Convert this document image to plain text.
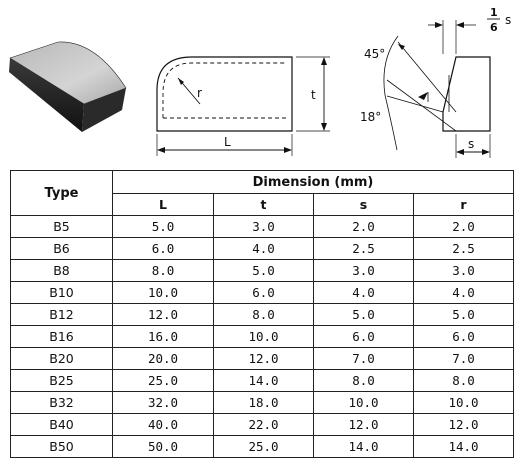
r	t
L
45°
18°
s
1
6
s
Type	Dimension (mm)			
	L	t	s	r
B5	5.0	3.0	2.0	2.0
B6	6.0	4.0	2.5	2.5
B8	8.0	5.0	3.0	3.0
B10	10.0	6.0	4.0	4.0
B12	12.0	8.0	5.0	5.0
B16	16.0	10.0	6.0	6.0
B20	20.0	12.0	7.0	7.0
B25	25.0	14.0	8.0	8.0
B32	32.0	18.0	10.0	10.0
B40	40.0	22.0	12.0	12.0
B50	50.0	25.0	14.0	14.0
